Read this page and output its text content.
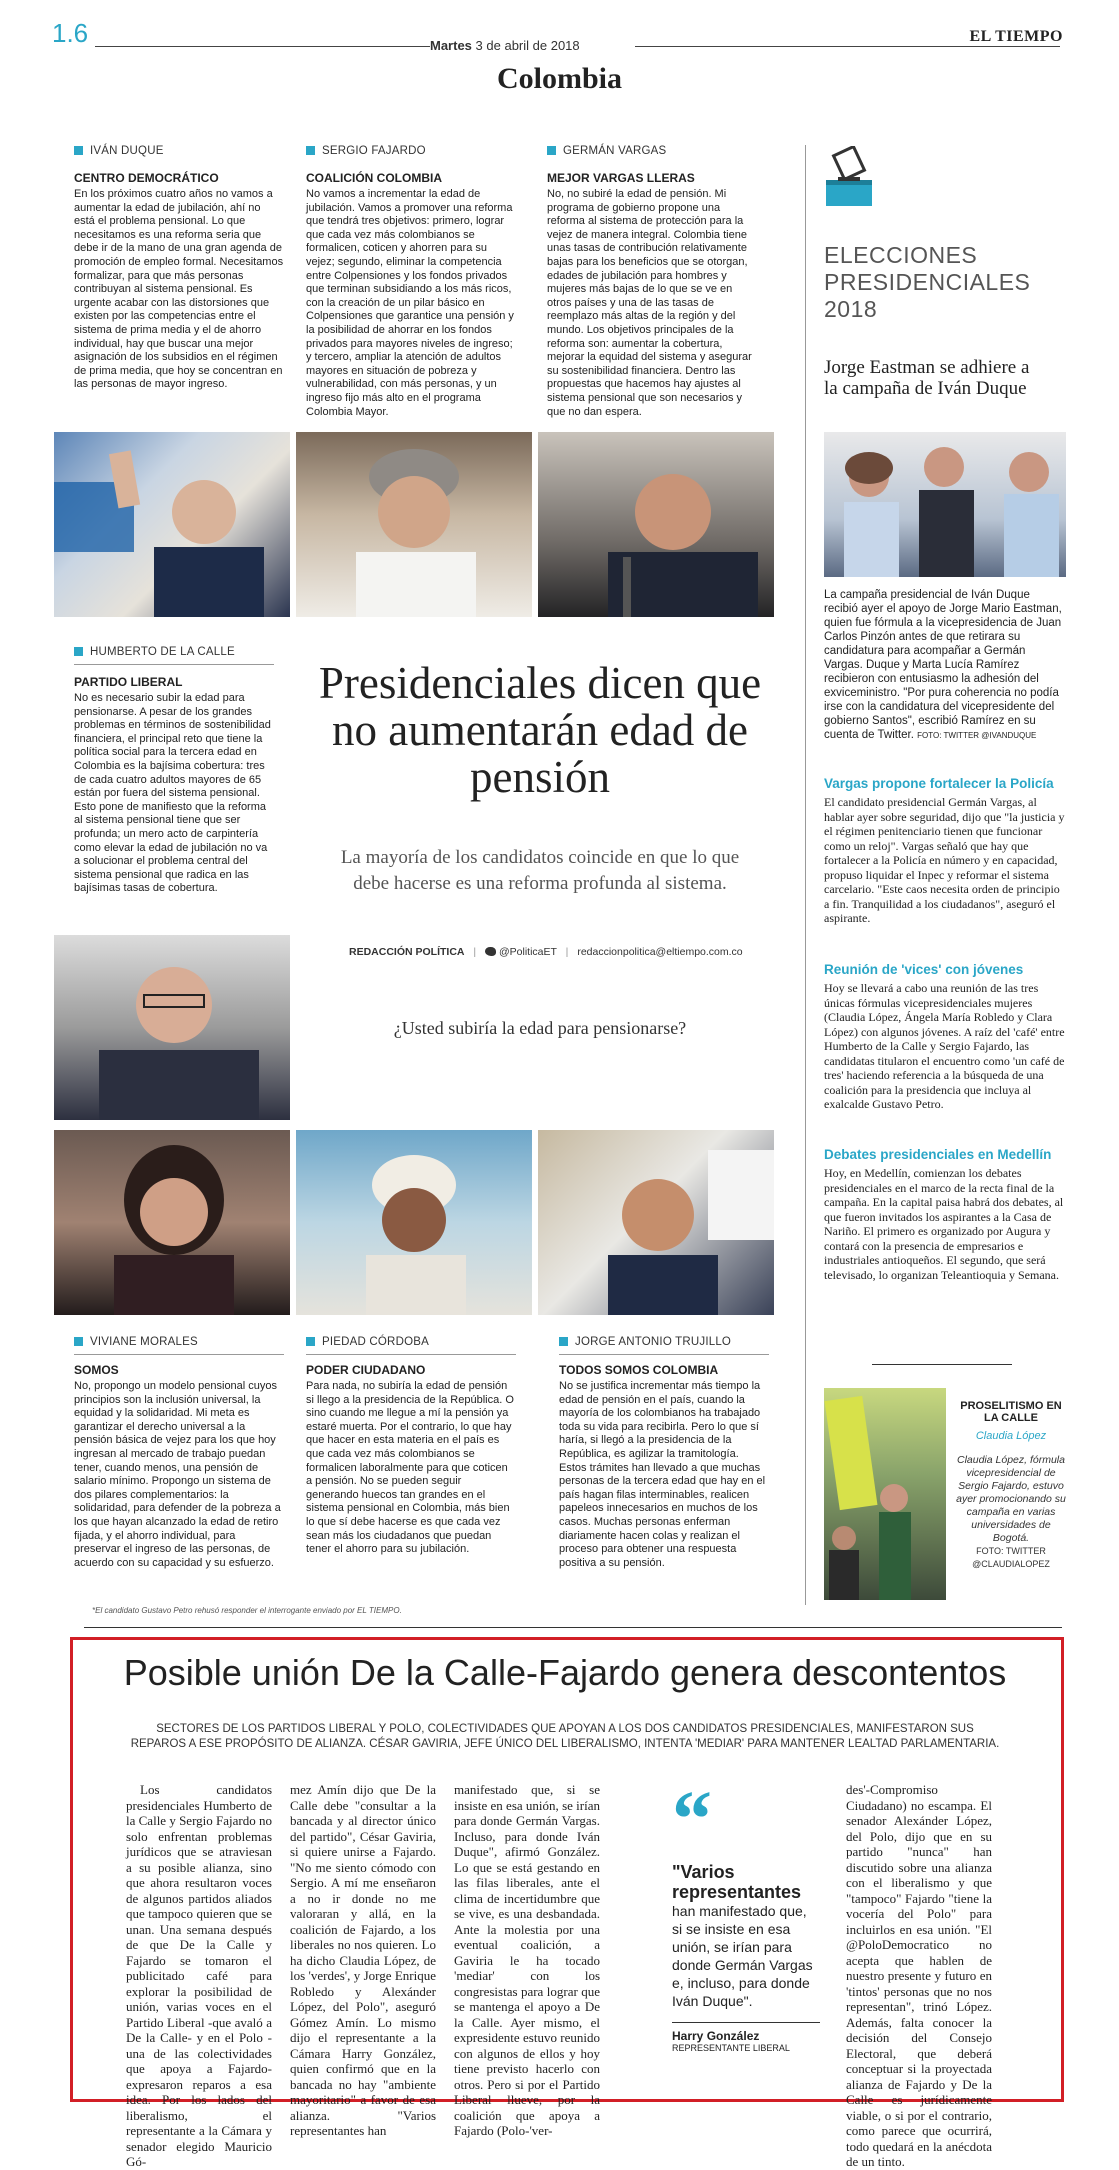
1.6	Martes 3 de abril de 2018
EL TIEMPO
Colombia
IVÁN DUQUE
CENTRO DEMOCRÁTICO
En los próximos cuatro años no vamos a aumentar la edad de jubilación, ahí no está el problema pensional. Lo que necesitamos es una reforma seria que debe ir de la mano de una gran agenda de promoción de empleo formal. Necesitamos formalizar, para que más personas contribuyan al sistema pensional. Es urgente acabar con las distorsiones que existen por las competencias entre el sistema de prima media y el de ahorro individual, hay que buscar una mejor asignación de los subsidios en el régimen de prima media, que hoy se concentran en las personas de mayor ingreso.
SERGIO FAJARDO
COALICIÓN COLOMBIA
No vamos a incrementar la edad de jubilación. Vamos a promover una reforma que tendrá tres objetivos: primero, lograr que cada vez más colombianos se formalicen, coticen y ahorren para su vejez; segundo, eliminar la competencia entre Colpensiones y los fondos privados que terminan subsidiando a los más ricos, con la creación de un pilar básico en Colpensiones que garantice una pensión y la posibilidad de ahorrar en los fondos privados para mayores niveles de ingreso; y tercero, ampliar la atención de adultos mayores en situación de pobreza y vulnerabilidad, con más personas, y un ingreso fijo más alto en el programa Colombia Mayor.
GERMÁN VARGAS
MEJOR VARGAS LLERAS
No, no subiré la edad de pensión. Mi programa de gobierno propone una reforma al sistema de protección para la vejez de manera integral. Colombia tiene unas tasas de contribución relativamente bajas para los beneficios que se otorgan, edades de jubilación para hombres y mujeres más bajas de lo que se ve en otros países y una de las tasas de reemplazo más altas de la región y del mundo. Los objetivos principales de la reforma son: aumentar la cobertura, mejorar la equidad del sistema y asegurar su sostenibilidad financiera. Dentro las propuestas que hacemos hay ajustes al sistema pensional que son necesarios y que no dan espera.
HUMBERTO DE LA CALLE
PARTIDO LIBERAL
No es necesario subir la edad para pensionarse. A pesar de los grandes problemas en términos de sostenibilidad financiera, el principal reto que tiene la política social para la tercera edad en Colombia es la bajísima cobertura: tres de cada cuatro adultos mayores de 65 están por fuera del sistema pensional. Esto pone de manifiesto que la reforma al sistema pensional tiene que ser profunda; un mero acto de carpintería como elevar la edad de jubilación no va a solucionar el problema central del sistema pensional que radica en las bajísimas tasas de cobertura.
Presidenciales dicen que no aumentarán edad de pensión
La mayoría de los candidatos coincide en que lo que debe hacerse es una reforma profunda al sistema.
REDACCIÓN POLÍTICA | @PoliticaET | redaccionpolitica@eltiempo.com.co
¿Usted subiría la edad para pensionarse?
VIVIANE MORALES
SOMOS
No, propongo un modelo pensional cuyos principios son la inclusión universal, la equidad y la solidaridad. Mi meta es garantizar el derecho universal a la pensión básica de vejez para los que hoy ingresan al mercado de trabajo puedan tener, cuando menos, una pensión de salario mínimo. Propongo un sistema de dos pilares complementarios: la solidaridad, para defender de la pobreza a los que hayan alcanzado la edad de retiro fijada, y el ahorro individual, para preservar el ingreso de las personas, de acuerdo con su capacidad y su esfuerzo.
PIEDAD CÓRDOBA
PODER CIUDADANO
Para nada, no subiría la edad de pensión si llego a la presidencia de la República. O sino cuando me llegue a mí la pensión ya estaré muerta. Por el contrario, lo que hay que hacer en esta materia en el país es que cada vez más colombianos se formalicen laboralmente para que coticen a pensión. No se pueden seguir generando huecos tan grandes en el sistema pensional en Colombia, más bien lo que sí debe hacerse es que cada vez sean más los ciudadanos que puedan tener el ahorro para su jubilación.
JORGE ANTONIO TRUJILLO
TODOS SOMOS COLOMBIA
No se justifica incrementar más tiempo la edad de pensión en el país, cuando la mayoría de los colombianos ha trabajado toda su vida para recibirla. Pero lo que sí haría, si llegó a la presidencia de la República, es agilizar la tramitología. Estos trámites han llevado a que muchas personas de la tercera edad que hay en el país hagan filas interminables, realicen papeleos innecesarios en muchos de los casos. Muchas personas enferman diariamente hacen colas y realizan el proceso para obtener una respuesta positiva a su pensión.
*El candidato Gustavo Petro rehusó responder el interrogante enviado por EL TIEMPO.
ELECCIONES
PRESIDENCIALES
2018
Jorge Eastman se adhiere a la campaña de Iván Duque
La campaña presidencial de Iván Duque recibió ayer el apoyo de Jorge Mario Eastman, quien fue fórmula a la vicepresidencia de Juan Carlos Pinzón antes de que retirara su candidatura para acompañar a Germán Vargas. Duque y Marta Lucía Ramírez recibieron con entusiasmo la adhesión del exviceministro. "Por pura coherencia no podía irse con la candidatura del vicepresidente del gobierno Santos", escribió Ramírez en su cuenta de Twitter. FOTO: TWITTER @IVANDUQUE
Vargas propone fortalecer la Policía
El candidato presidencial Germán Vargas, al hablar ayer sobre seguridad, dijo que "la justicia y el régimen penitenciario tienen que funcionar como un reloj". Vargas señaló que hay que fortalecer a la Policía en número y en capacidad, propuso liquidar el Inpec y reformar el sistema carcelario. "Este caos necesita orden de principio a fin. Tranquilidad a los ciudadanos", aseguró el aspirante.
Reunión de 'vices' con jóvenes
Hoy se llevará a cabo una reunión de las tres únicas fórmulas vicepresidenciales mujeres (Claudia López, Ángela María Robledo y Clara López) con algunos jóvenes. A raíz del 'café' entre Humberto de la Calle y Sergio Fajardo, las candidatas titularon el encuentro como 'un café de tres' haciendo referencia a la búsqueda de una coalición para la presidencia que incluya al exalcalde Gustavo Petro.
Debates presidenciales en Medellín
Hoy, en Medellín, comienzan los debates presidenciales en el marco de la recta final de la campaña. En la capital paisa habrá dos debates, al que fueron invitados los aspirantes a la Casa de Nariño. El primero es organizado por Augura y contará con la presencia de empresarios e industriales antioqueños. El segundo, que será televisado, lo organizan Teleantioquia y Semana.
PROSELITISMO EN LA CALLE
Claudia López
Claudia López, fórmula vicepresidencial de Sergio Fajardo, estuvo ayer promocionando su campaña en varias universidades de Bogotá.
FOTO: TWITTER @CLAUDIALOPEZ
Posible unión De la Calle-Fajardo genera descontentos
SECTORES DE LOS PARTIDOS LIBERAL Y POLO, COLECTIVIDADES QUE APOYAN A LOS DOS CANDIDATOS PRESIDENCIALES, MANIFESTARON SUS REPAROS A ESE PROPÓSITO DE ALIANZA. CÉSAR GAVIRIA, JEFE ÚNICO DEL LIBERALISMO, INTENTA 'MEDIAR' PARA MANTENER LEALTAD PARLAMENTARIA.
Los candidatos presidenciales Humberto de la Calle y Sergio Fajardo no solo enfrentan problemas jurídicos que se atraviesan a su posible alianza, sino que ahora resultaron voces de algunos partidos aliados que tampoco quieren que se unan. Una semana después de que De la Calle y Fajardo se tomaron el publicitado café para explorar la posibilidad de unión, varias voces en el Partido Liberal -que avaló a De la Calle- y en el Polo -una de las colectividades que apoya a Fajardo- expresaron reparos a esa idea. Por los lados del liberalismo, el representante a la Cámara y senador elegido Mauricio Gó-
mez Amín dijo que De la Calle debe "consultar a la bancada y al director único del partido", César Gaviria, si quiere unirse a Fajardo. "No me siento cómodo con Sergio. A mí me enseñaron a no ir donde no me valoraran y allá, en la coalición de Fajardo, a los liberales no nos quieren. Lo ha dicho Claudia López, de los 'verdes', y Jorge Enrique Robledo y Alexánder López, del Polo", aseguró Gómez Amín. Lo mismo dijo el representante a la Cámara Harry González, quien confirmó que en la bancada no hay "ambiente mayoritario" a favor de esa alianza. "Varios representantes han
manifestado que, si se insiste en esa unión, se irían para donde Germán Vargas. Incluso, para donde Iván Duque", afirmó González. Lo que se está gestando en las filas liberales, ante el clima de incertidumbre que se vive, es una desbandada. Ante la molestia por una eventual coalición, a Gaviria le ha tocado 'mediar' con los congresistas para lograr que se mantenga el apoyo a De la Calle. Ayer mismo, el expresidente estuvo reunido con algunos de ellos y hoy tiene previsto hacerlo con otros. Pero si por el Partido Liberal llueve, por la coalición que apoya a Fajardo (Polo-'ver-
“
"Varios representantes
han manifestado que, si se insiste en esa unión, se irían para donde Germán Vargas e, incluso, para donde Iván Duque".
Harry González
REPRESENTANTE LIBERAL
des'-Compromiso Ciudadano) no escampa. El senador Alexánder López, del Polo, dijo que en su partido "nunca" han discutido sobre una alianza con el liberalismo y que "tampoco" Fajardo "tiene la vocería del Polo" para incluirlos en esa unión. "El @PoloDemocratico no acepta que hablen de nuestro presente y futuro en 'tintos' personas que no nos representan", trinó López. Además, falta conocer la decisión del Consejo Electoral, que deberá conceptuar si la proyectada alianza de Fajardo y De la Calle es jurídicamente viable, o si por el contrario, como parece que ocurrirá, todo quedará en la anécdota de un tinto.
